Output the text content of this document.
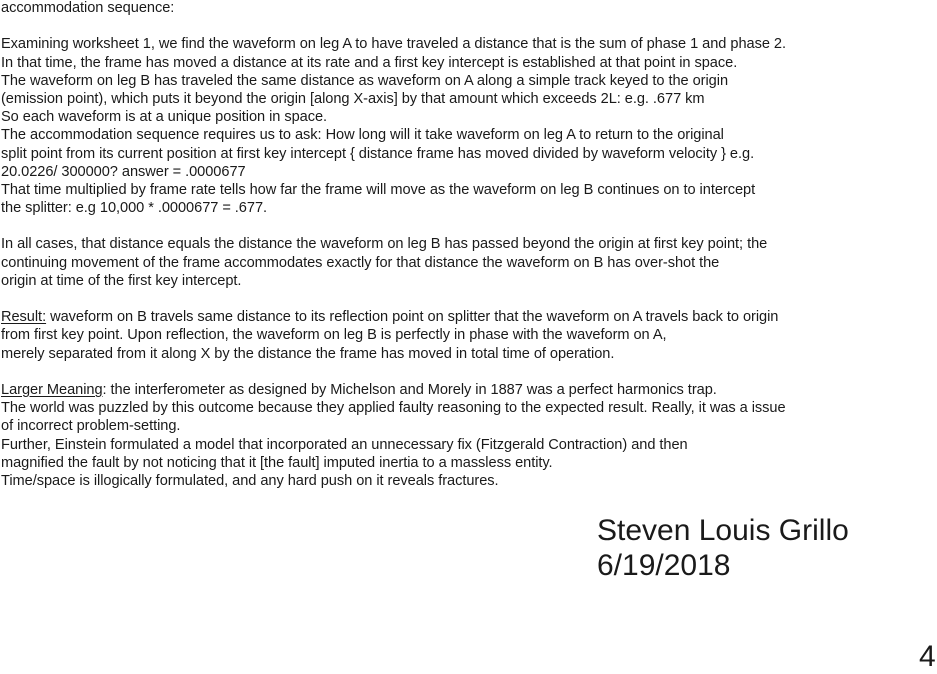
accommodation sequence:
Examining worksheet 1, we find the waveform on leg A to have traveled a distance that is the sum of phase 1 and phase 2.
In that time, the frame has moved a distance at its rate and a first key intercept is established at that point in space.
The waveform on leg B has traveled the same distance as waveform on A along a simple track keyed to the origin
(emission point), which puts it beyond the origin [along X-axis] by that amount which exceeds 2L: e.g. .677 km
So each waveform is at a unique position in space.
The accommodation sequence requires us to ask: How long will it take waveform on leg A to return to the original
split point from its current position at first key intercept { distance frame has moved divided by waveform velocity } e.g.
20.0226/ 300000? answer = .0000677
That time multiplied by frame rate tells how far the frame will move as the waveform on leg B continues on to intercept
the splitter: e.g 10,000 * .0000677 = .677.
In all cases, that distance equals the distance the waveform on leg B has passed beyond the origin at first key point; the
continuing movement of the frame accommodates exactly for that distance the waveform on B has over-shot the
origin at time of the first key intercept.
Result: waveform on B travels same distance to its reflection point on splitter that the waveform on A travels back to origin
from first key point. Upon reflection, the waveform on leg B is perfectly in phase with the waveform on A,
merely separated from it along X by the distance the frame has moved in total time of operation.
Larger Meaning: the interferometer as designed by Michelson and Morely in 1887 was a perfect harmonics trap.
The world was puzzled by this outcome because they applied faulty reasoning to the expected result. Really, it was a issue
of incorrect problem-setting.
Further, Einstein formulated a model that incorporated an unnecessary fix (Fitzgerald Contraction) and then
magnified the fault by not noticing that it [the fault] imputed inertia to a massless entity.
Time/space is illogically formulated, and any hard push on it reveals fractures.
Steven Louis Grillo
6/19/2018
4
